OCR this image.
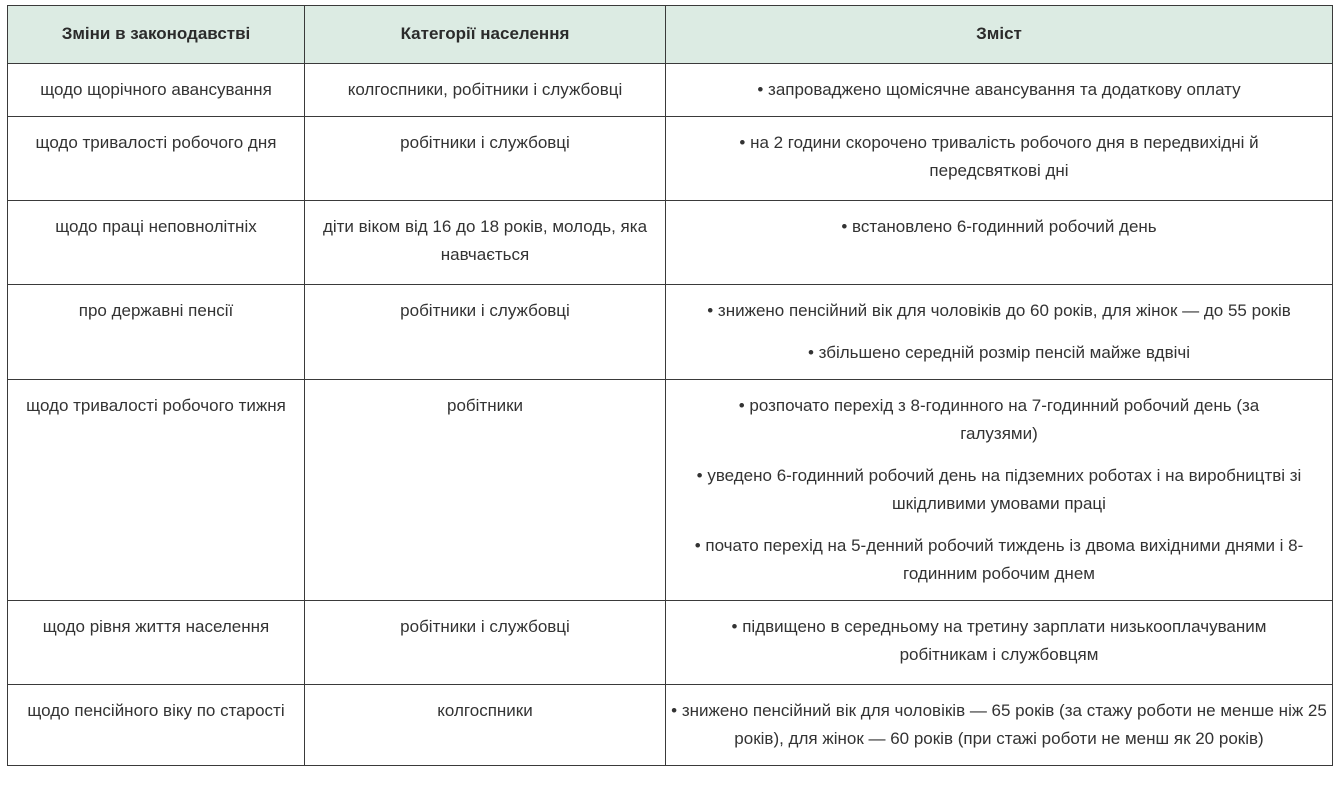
Зміни в законодавстві	Категорії населення	Зміст
щодо щорічного авансування	колгоспники, робітники і службовці	• запроваджено щомісячне авансування та додаткову оплату

щодо тривалості робочого дня	робітники і службовці	• на 2 години скорочено тривалість робочого дня в передвихідні й передсвяткові дні

щодо праці неповнолітніх	діти віком від 16 до 18 років, молодь, яка навчається	• встановлено 6-годинний робочий день

про державні пенсії	робітники і службовці	• знижено пенсійний вік для чоловіків до 60 років, для жінок — до 55 років
• збільшено середній розмір пенсій майже вдвічі

щодо тривалості робочого тижня	робітники	• розпочато перехід з 8-годинного на 7-годинний робочий день (за галузями)
• уведено 6-годинний робочий день на підземних роботах і на виробництві зі шкідливими умовами праці
• почато перехід на 5-денний робочий тиждень із двома вихідними днями і 8-годинним робочим днем

щодо рівня життя населення	робітники і службовці	• підвищено в середньому на третину зарплати низькооплачуваним робітникам і службовцям

щодо пенсійного віку по старості	колгоспники	• знижено пенсійний вік для чоловіків — 65 років (за стажу роботи не менше ніж 25 років), для жінок — 60 років (при стажі роботи не менш як 20 років)
